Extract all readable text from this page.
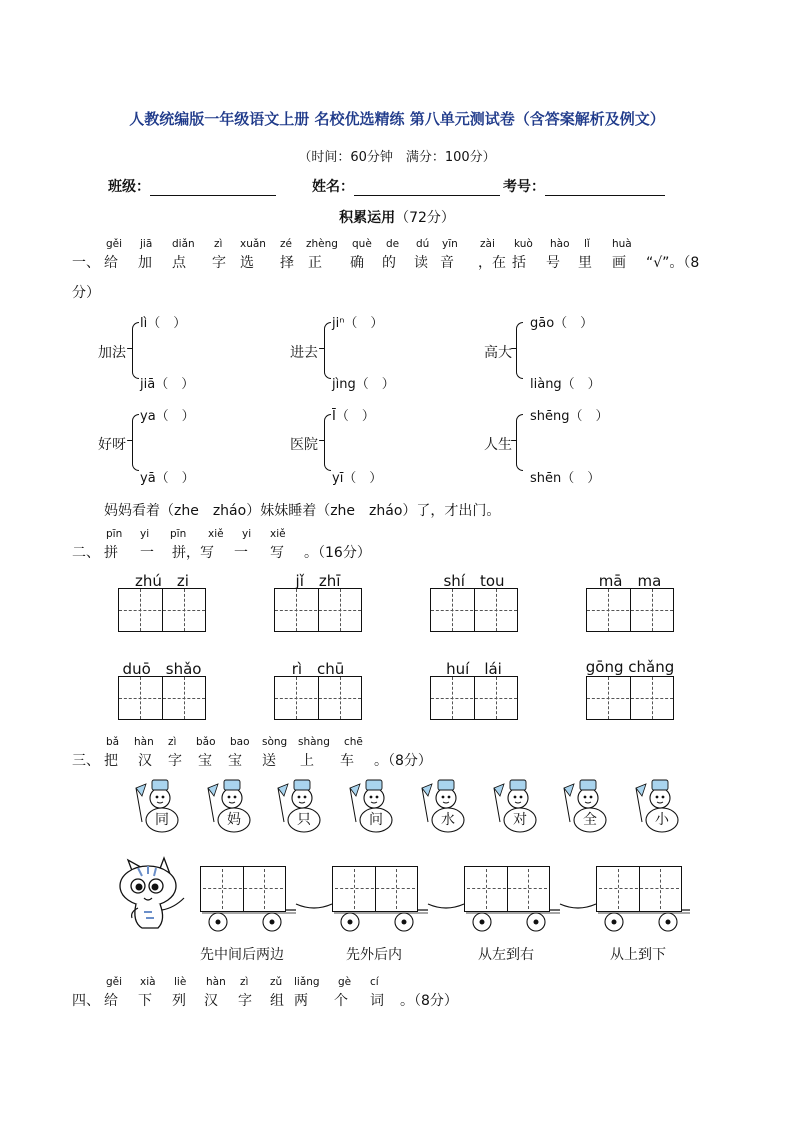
人教统编版一年级语文上册 名校优选精练 第八单元测试卷（含答案解析及例文）
（时间：60分钟　满分：100分）
班级：	姓名：	考号：
积累运用（72分）
一、 给 加 点 字 选 择 正 确 的 读 音 ，在 括 号 里 画 “√”。（8
gěi jiā diǎn zì xuǎn zé zhèng què de dú yīn zài kuò hào lǐ huà
分）
加法
lì（　）
jiā（　）
进去
jiⁿ（　）
jìng（　）
高大
gāo（　）
liàng（　）
好呀
ya（　）
yā（　）
医院
Ī（　）
yī（　）
人生
shēng（　）
shēn（　）
妈妈看着（zhe　zháo）妹妹睡着（zhe　zháo）了，才出门。
二、 拼 一 拼，写 一 写 。（16分）
pīn yi pīn xiě yi xiě
zhú　zi	jǐ　zhī	shí　tou	mā　ma
duō　shǎo	rì　chū	huí　lái	gōng chǎng
三、 把 汉 字 宝 宝 送 上 车 。（8分）
bǎ hàn zì bǎo bao sòng shàng chē
同	妈	只	问	水	对	全	小
先中间后两边	先外后内	从左到右	从上到下
四、 给 下 列 汉 字 组 两 个 词 。（8分）
gěi xià liè hàn zì zǔ liǎng gè cí
